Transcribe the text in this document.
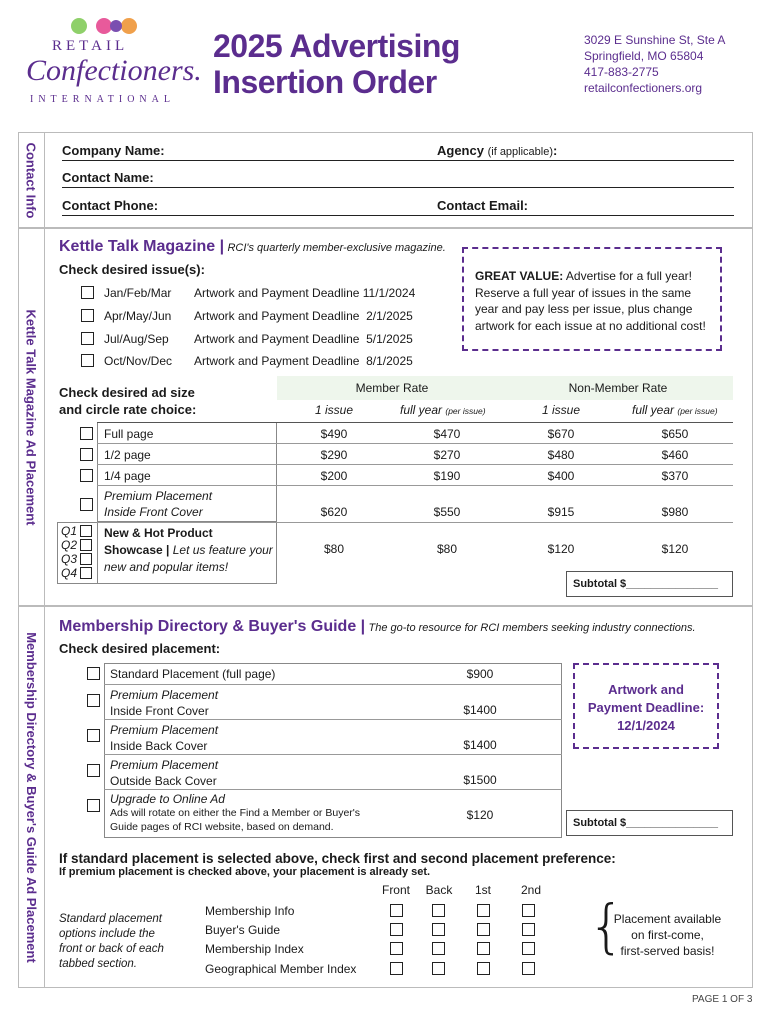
RETAIL
Confectioners.
INTERNATIONAL
2025 Advertising
Insertion Order
3029 E Sunshine St, Ste A
Springfield, MO 65804
417-883-2775
retailconfectioners.org
Contact Info Company Name:	Agency (if applicable):
Contact Name:
Contact Phone:	Contact Email:
Kettle Talk Magazine Ad Placement
Kettle Talk Magazine | RCI's quarterly member-exclusive magazine.
Check desired issue(s):
Jan/Feb/Mar Artwork and Payment Deadline 11/1/2024
Apr/May/Jun Artwork and Payment Deadline  2/1/2025
Jul/Aug/Sep Artwork and Payment Deadline  5/1/2025
Oct/Nov/Dec Artwork and Payment Deadline  8/1/2025
GREAT VALUE: Advertise for a full year!
Reserve a full year of issues in the same
year and pay less per issue, plus change
artwork for each issue at no additional cost!
Check desired ad size
and circle rate choice:
Member Rate	Non-Member Rate
1 issue	full year (per issue)	1 issue	full year (per issue)
Full page	$490	$470	$670	$650
1/2 page	$290	$270	$480	$460
1/4 page	$200	$190	$400	$370
Premium Placement
Inside Front Cover	$620	$550	$915	$980
Q1
Q2
Q3
Q4
New & Hot Product
Showcase | Let us feature your
new and popular items!
$80	$80	$120	$120
Subtotal $_______________
Membership Directory & Buyer's Guide Ad Placement
Membership Directory & Buyer's Guide | The go-to resource for RCI members seeking industry connections.
Check desired placement:
Standard Placement (full page)	$900
Premium Placement
Inside Front Cover	$1400
Premium Placement
Inside Back Cover	$1400
Premium Placement
Outside Back Cover	$1500
Upgrade to Online Ad
Ads will rotate on either the Find a Member or Buyer's
Guide pages of RCI website, based on demand.
$120
Artwork and
Payment Deadline:
12/1/2024
Subtotal $_______________
If standard placement is selected above, check first and second placement preference:
If premium placement is checked above, your placement is already set.
Front Back	1st	2nd
Standard placement
options include the
front or back of each
tabbed section.
Membership Info
Buyer's Guide
Membership Index
Geographical Member Index
{
Placement available
on first-come,
first-served basis!
PAGE 1 OF 3
